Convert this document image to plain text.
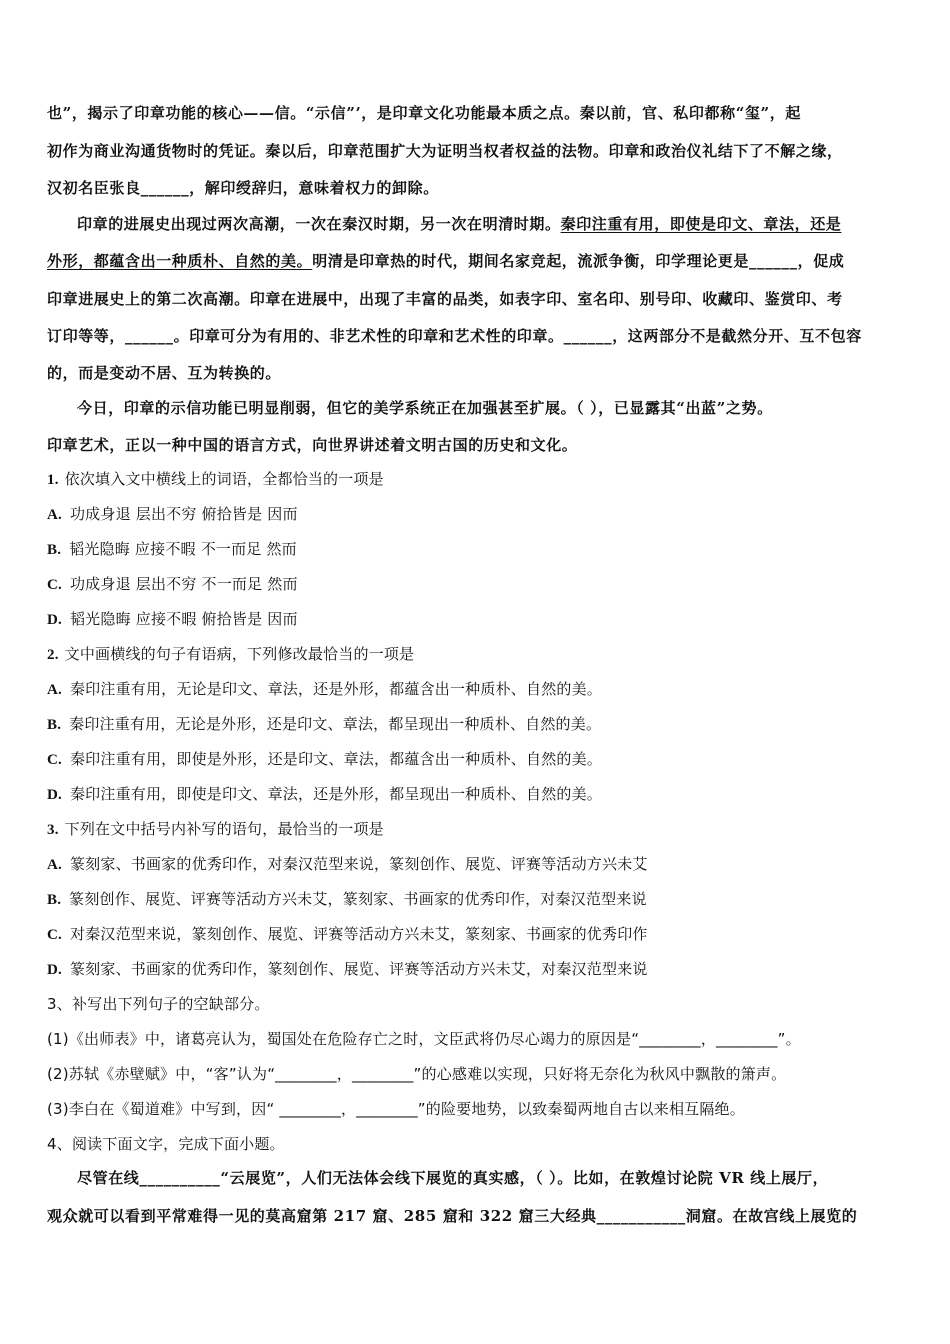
也”，揭示了印章功能的核心——信。“示信”’，是印章文化功能最本质之点。秦以前，官、私印都称“玺”，起
初作为商业沟通货物时的凭证。秦以后，印章范围扩大为证明当权者权益的法物。印章和政治仪礼结下了不解之缘，
汉初名臣张良______，解印绶辞归，意味着权力的卸除。
印章的进展史出现过两次高潮，一次在秦汉时期，另一次在明清时期。秦印注重有用，即使是印文、章法，还是
外形，都蕴含出一种质朴、自然的美。明清是印章热的时代，期间名家竞起，流派争衡，印学理论更是______，促成
印章进展史上的第二次高潮。印章在进展中，出现了丰富的品类，如表字印、室名印、别号印、收藏印、鉴赏印、考
订印等等，______。印章可分为有用的、非艺术性的印章和艺术性的印章。______，这两部分不是截然分开、互不包容
的，而是变动不居、互为转换的。
今日，印章的示信功能已明显削弱，但它的美学系统正在加强甚至扩展。（ ），已显露其“出蓝”之势。
印章艺术，正以一种中国的语言方式，向世界讲述着文明古国的历史和文化。
1. 依次填入文中横线上的词语，全都恰当的一项是
A. 功成身退 层出不穷 俯拾皆是 因而
B. 韬光隐晦 应接不暇 不一而足 然而
C. 功成身退 层出不穷 不一而足 然而
D. 韬光隐晦 应接不暇 俯拾皆是 因而
2. 文中画横线的句子有语病，下列修改最恰当的一项是
A. 秦印注重有用，无论是印文、章法，还是外形，都蕴含出一种质朴、自然的美。
B. 秦印注重有用，无论是外形，还是印文、章法，都呈现出一种质朴、自然的美。
C. 秦印注重有用，即使是外形，还是印文、章法，都蕴含出一种质朴、自然的美。
D. 秦印注重有用，即使是印文、章法，还是外形，都呈现出一种质朴、自然的美。
3. 下列在文中括号内补写的语句，最恰当的一项是
A. 篆刻家、书画家的优秀印作，对秦汉范型来说，篆刻创作、展览、评赛等活动方兴未艾
B. 篆刻创作、展览、评赛等活动方兴未艾，篆刻家、书画家的优秀印作，对秦汉范型来说
C. 对秦汉范型来说，篆刻创作、展览、评赛等活动方兴未艾，篆刻家、书画家的优秀印作
D. 篆刻家、书画家的优秀印作，篆刻创作、展览、评赛等活动方兴未艾，对秦汉范型来说
3、补写出下列句子的空缺部分。
(1)《出师表》中，诸葛亮认为，蜀国处在危险存亡之时，文臣武将仍尽心竭力的原因是“________，________”。
(2)苏轼《赤壁赋》中，“客”认为“________，________”的心感难以实现，只好将无奈化为秋风中飘散的箫声。
(3)李白在《蜀道难》中写到，因“ ________，________”的险要地势，以致秦蜀两地自古以来相互隔绝。
4、阅读下面文字，完成下面小题。
尽管在线__________“云展览”，人们无法体会线下展览的真实感，（ ）。比如，在敦煌讨论院 VR 线上展厅，
观众就可以看到平常难得一见的莫高窟第 217 窟、285 窟和 322 窟三大经典___________洞窟。在故宫线上展览的
